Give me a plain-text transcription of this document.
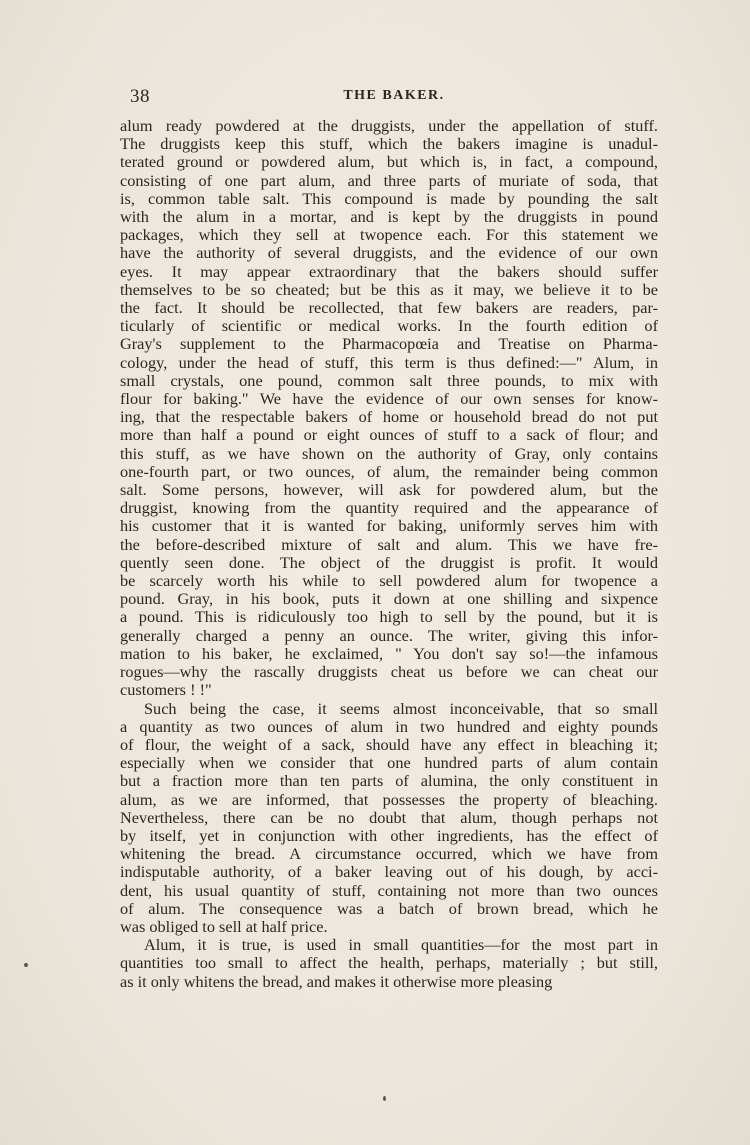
38	THE BAKER.
alum ready powdered at the druggists, under the appellation of stuff.
The druggists keep this stuff, which the bakers imagine is unadul-
terated ground or powdered alum, but which is, in fact, a compound,
consisting of one part alum, and three parts of muriate of soda, that
is, common table salt. This compound is made by pounding the salt
with the alum in a mortar, and is kept by the druggists in pound
packages, which they sell at twopence each. For this statement we
have the authority of several druggists, and the evidence of our own
eyes. It may appear extraordinary that the bakers should suffer
themselves to be so cheated; but be this as it may, we believe it to be
the fact. It should be recollected, that few bakers are readers, par-
ticularly of scientific or medical works. In the fourth edition of
Gray's supplement to the Pharmacopœia and Treatise on Pharma-
cology, under the head of stuff, this term is thus defined:—" Alum, in
small crystals, one pound, common salt three pounds, to mix with
flour for baking." We have the evidence of our own senses for know-
ing, that the respectable bakers of home or household bread do not put
more than half a pound or eight ounces of stuff to a sack of flour; and
this stuff, as we have shown on the authority of Gray, only contains
one-fourth part, or two ounces, of alum, the remainder being common
salt. Some persons, however, will ask for powdered alum, but the
druggist, knowing from the quantity required and the appearance of
his customer that it is wanted for baking, uniformly serves him with
the before-described mixture of salt and alum. This we have fre-
quently seen done. The object of the druggist is profit. It would
be scarcely worth his while to sell powdered alum for twopence a
pound. Gray, in his book, puts it down at one shilling and sixpence
a pound. This is ridiculously too high to sell by the pound, but it is
generally charged a penny an ounce. The writer, giving this infor-
mation to his baker, he exclaimed, " You don't say so!—the infamous
rogues—why the rascally druggists cheat us before we can cheat our
customers ! !"
Such being the case, it seems almost inconceivable, that so small
a quantity as two ounces of alum in two hundred and eighty pounds
of flour, the weight of a sack, should have any effect in bleaching it;
especially when we consider that one hundred parts of alum contain
but a fraction more than ten parts of alumina, the only constituent in
alum, as we are informed, that possesses the property of bleaching.
Nevertheless, there can be no doubt that alum, though perhaps not
by itself, yet in conjunction with other ingredients, has the effect of
whitening the bread. A circumstance occurred, which we have from
indisputable authority, of a baker leaving out of his dough, by acci-
dent, his usual quantity of stuff, containing not more than two ounces
of alum. The consequence was a batch of brown bread, which he
was obliged to sell at half price.
Alum, it is true, is used in small quantities—for the most part in
quantities too small to affect the health, perhaps, materially ; but still,
as it only whitens the bread, and makes it otherwise more pleasing
